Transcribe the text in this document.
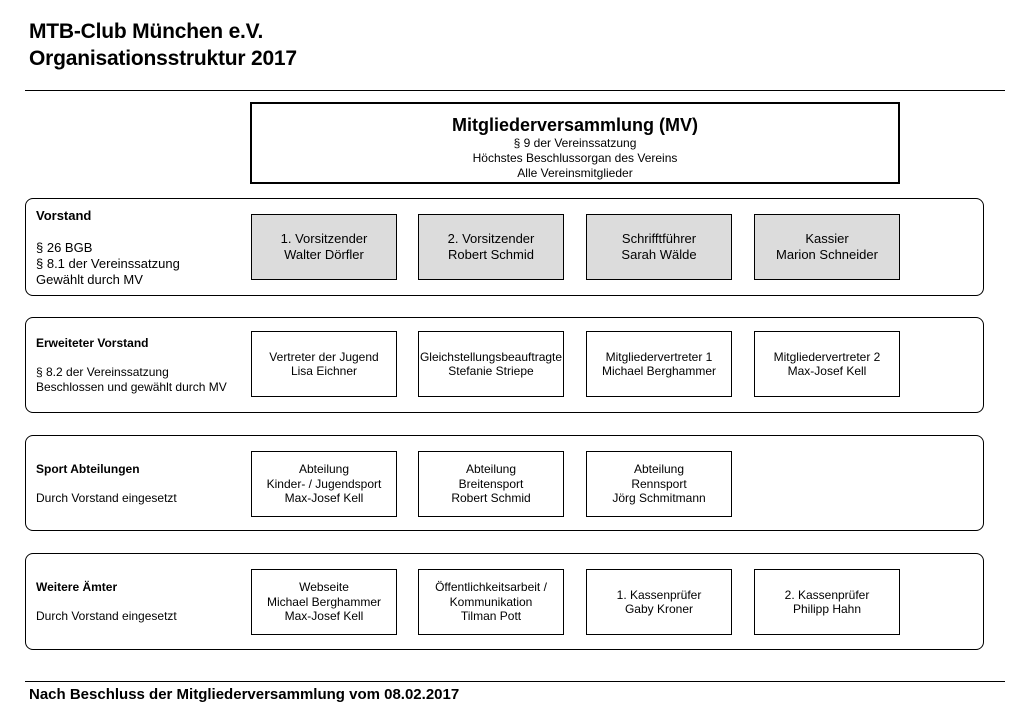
MTB-Club München e.V.
Organisationsstruktur 2017
Mitgliederversammlung (MV)
§ 9 der Vereinssatzung
Höchstes Beschlussorgan des Vereins
Alle Vereinsmitglieder
Vorstand
§ 26 BGB
§ 8.1 der Vereinssatzung
Gewählt durch MV
1. Vorsitzender
Walter Dörfler
2. Vorsitzender
Robert Schmid
Schrifftführer
Sarah Wälde
Kassier
Marion Schneider
Erweiteter Vorstand
§ 8.2 der Vereinssatzung
Beschlossen und gewählt durch MV
Vertreter der Jugend
Lisa Eichner
Gleichstellungsbeauftragte
Stefanie Striepe
Mitgliedervertreter 1
Michael Berghammer
Mitgliedervertreter 2
Max-Josef Kell
Sport Abteilungen
Durch Vorstand eingesetzt
Abteilung
Kinder- / Jugendsport
Max-Josef Kell
Abteilung
Breitensport
Robert Schmid
Abteilung
Rennsport
Jörg Schmitmann
Weitere Ämter
Durch Vorstand eingesetzt
Webseite
Michael Berghammer
Max-Josef Kell
Öffentlichkeitsarbeit /
Kommunikation
Tilman Pott
1. Kassenprüfer
Gaby Kroner
2. Kassenprüfer
Philipp Hahn
Nach Beschluss der Mitgliederversammlung vom 08.02.2017
